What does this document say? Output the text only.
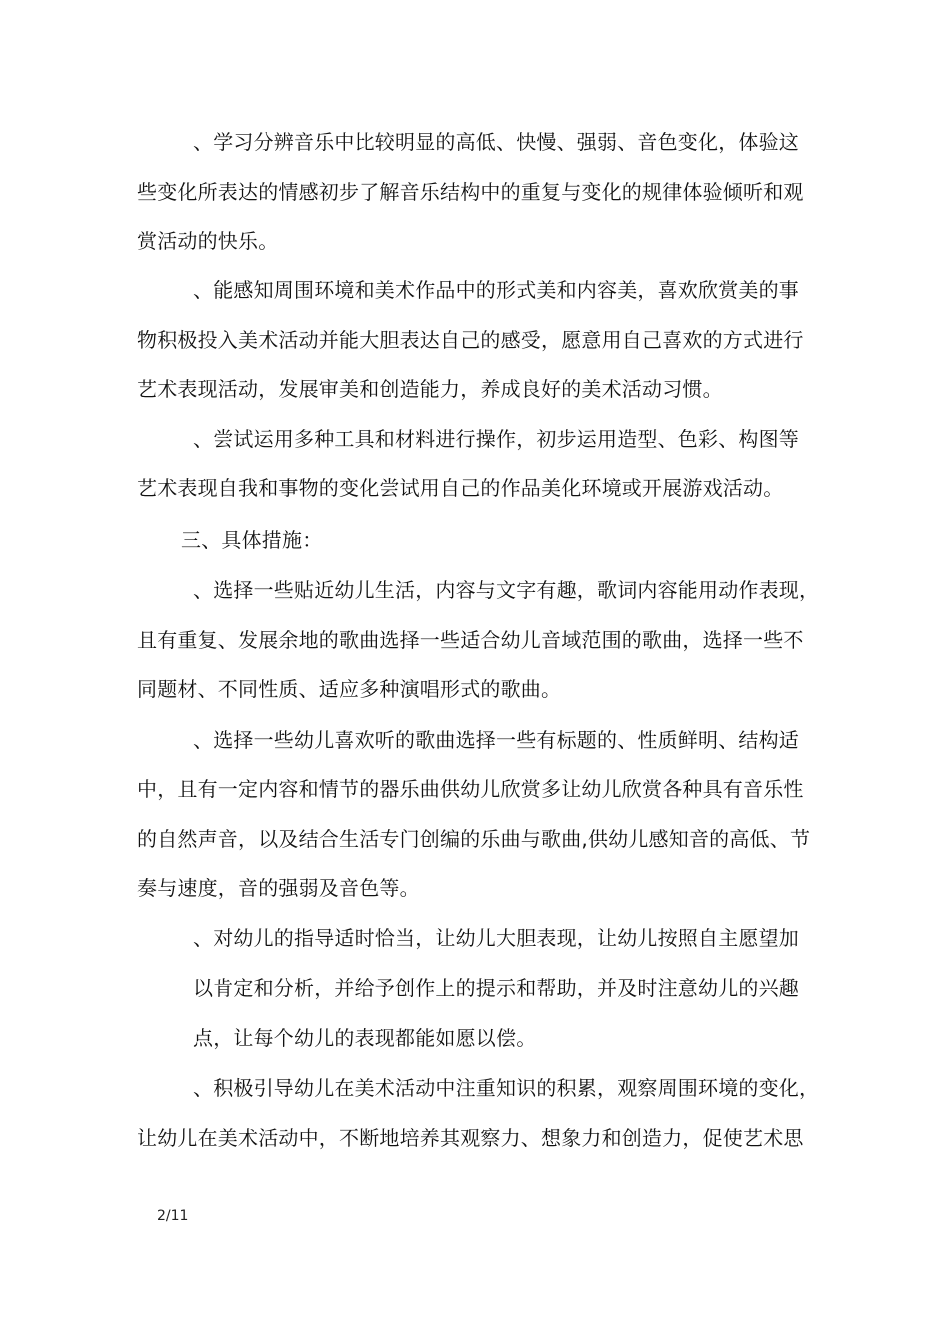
、学习分辨音乐中比较明显的高低、快慢、强弱、音色变化，体验这
些变化所表达的情感初步了解音乐结构中的重复与变化的规律体验倾听和观
赏活动的快乐。
、能感知周围环境和美术作品中的形式美和内容美，喜欢欣赏美的事
物积极投入美术活动并能大胆表达自己的感受，愿意用自己喜欢的方式进行
艺术表现活动，发展审美和创造能力，养成良好的美术活动习惯。
、尝试运用多种工具和材料进行操作，初步运用造型、色彩、构图等
艺术表现自我和事物的变化尝试用自己的作品美化环境或开展游戏活动。
三、具体措施：
、选择一些贴近幼儿生活，内容与文字有趣，歌词内容能用动作表现，
且有重复、发展余地的歌曲选择一些适合幼儿音域范围的歌曲，选择一些不
同题材、不同性质、适应多种演唱形式的歌曲。
、选择一些幼儿喜欢听的歌曲选择一些有标题的、性质鲜明、结构适
中，且有一定内容和情节的器乐曲供幼儿欣赏多让幼儿欣赏各种具有音乐性
的自然声音，以及结合生活专门创编的乐曲与歌曲,供幼儿感知音的高低、节
奏与速度，音的强弱及音色等。
、对幼儿的指导适时恰当，让幼儿大胆表现，让幼儿按照自主愿望加
以肯定和分析，并给予创作上的提示和帮助，并及时注意幼儿的兴趣
点，让每个幼儿的表现都能如愿以偿。
、积极引导幼儿在美术活动中注重知识的积累，观察周围环境的变化，
让幼儿在美术活动中，不断地培养其观察力、想象力和创造力，促使艺术思
2/11
